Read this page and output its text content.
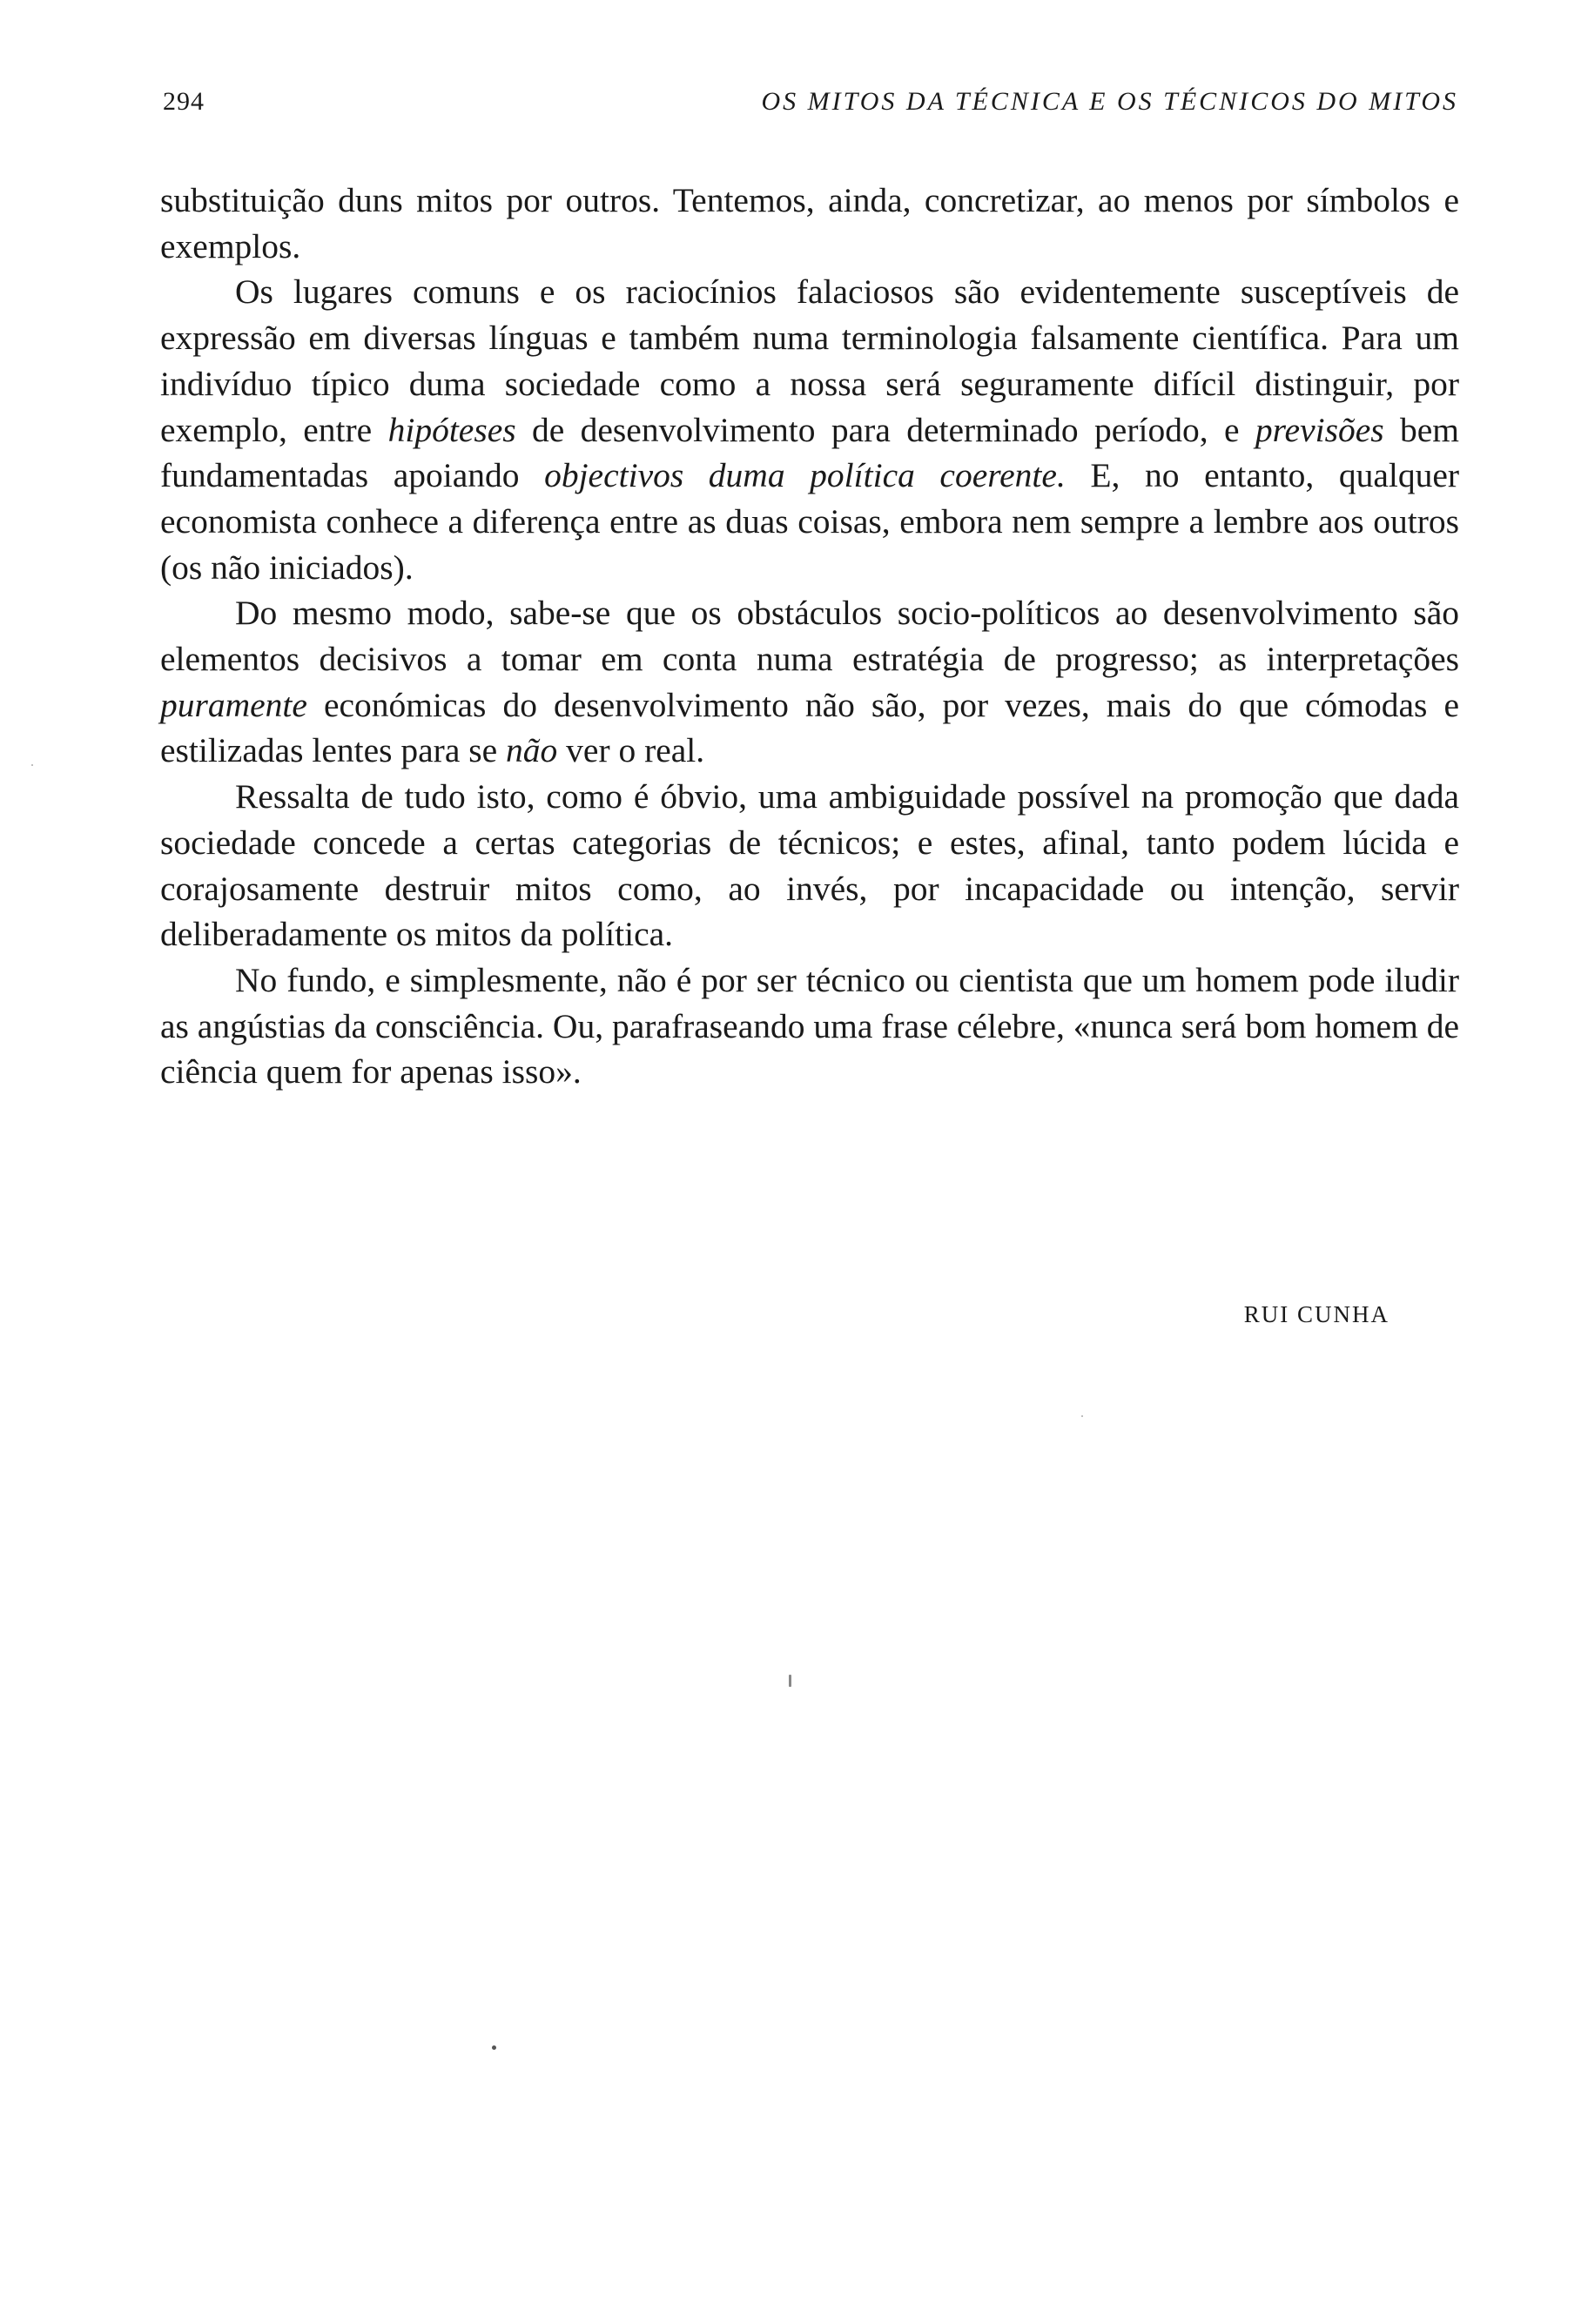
294	OS MITOS DA TÉCNICA E OS TÉCNICOS DO MITOS

substituição duns mitos por outros. Tentemos, ainda, concretizar, ao menos por símbolos e exemplos.

Os lugares comuns e os raciocínios falaciosos são evidentemente susceptíveis de expressão em diversas línguas e também numa terminologia falsamente científica. Para um indivíduo típico duma sociedade como a nossa será seguramente difícil distinguir, por exemplo, entre hipóteses de desenvolvimento para determinado período, e previsões bem fundamentadas apoiando objectivos duma política coerente. E, no entanto, qualquer economista conhece a diferença entre as duas coisas, embora nem sempre a lembre aos outros (os não iniciados).

Do mesmo modo, sabe-se que os obstáculos socio-políticos ao desenvolvimento são elementos decisivos a tomar em conta numa estratégia de progresso; as interpretações puramente económicas do desenvolvimento não são, por vezes, mais do que cómodas e estilizadas lentes para se não ver o real.

Ressalta de tudo isto, como é óbvio, uma ambiguidade possível na promoção que dada sociedade concede a certas categorias de técnicos; e estes, afinal, tanto podem lúcida e corajosamente destruir mitos como, ao invés, por incapacidade ou intenção, servir deliberadamente os mitos da política.

No fundo, e simplesmente, não é por ser técnico ou cientista que um homem pode iludir as angústias da consciência. Ou, parafraseando uma frase célebre, «nunca será bom homem de ciência quem for apenas isso».

RUI CUNHA
